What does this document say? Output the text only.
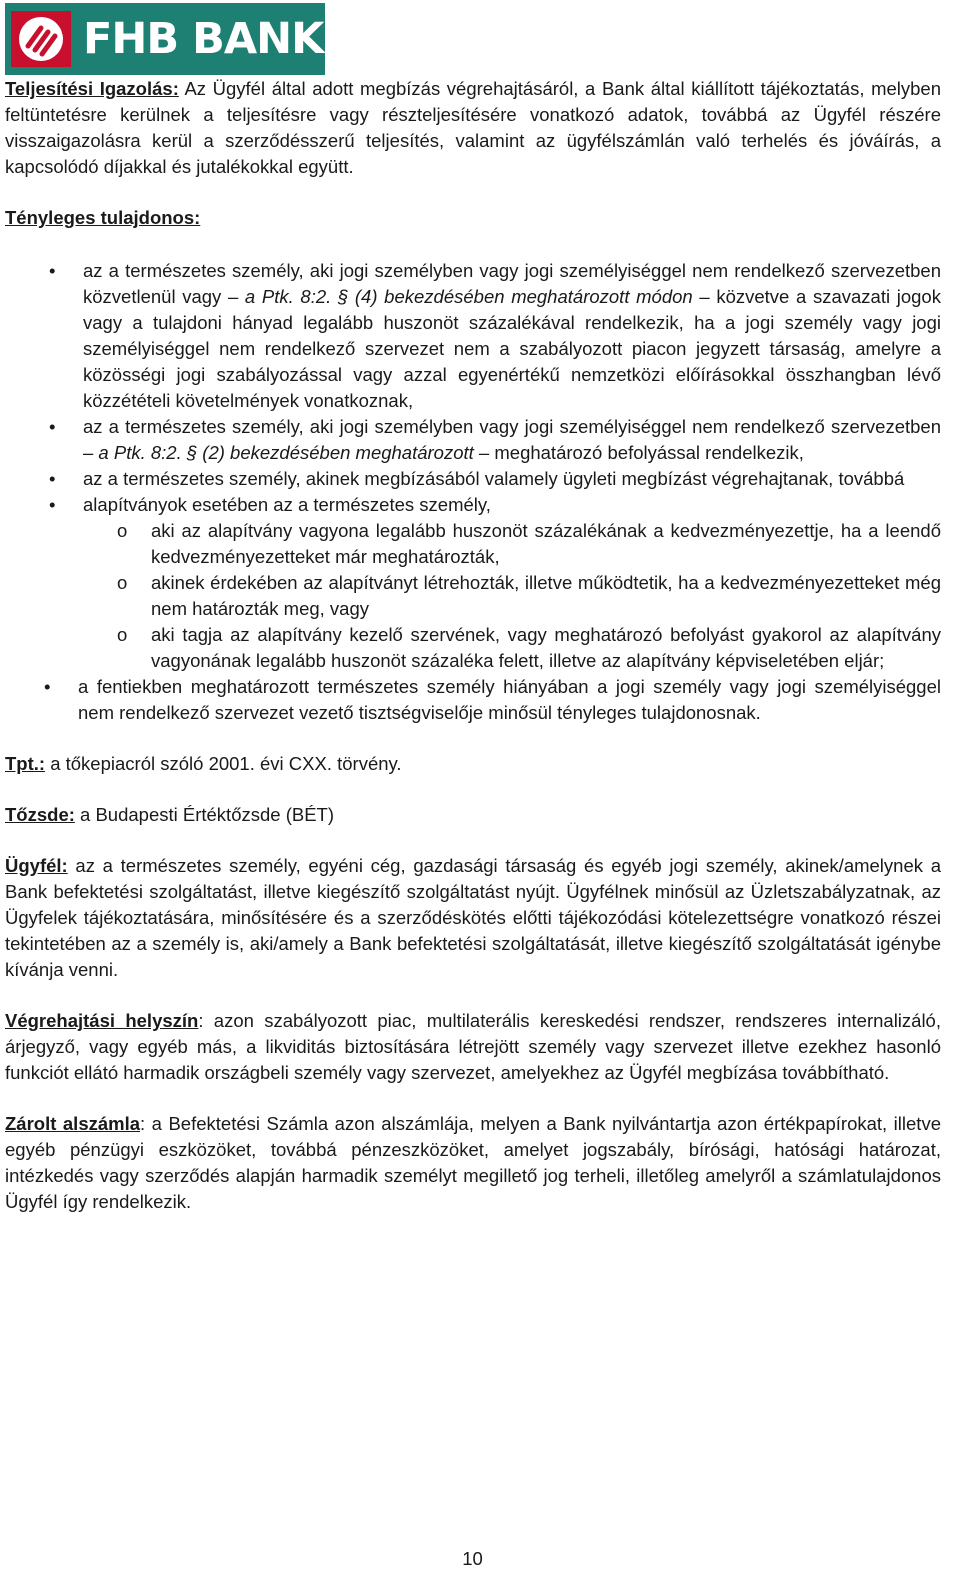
FHB BANK

Teljesítési Igazolás: Az Ügyfél által adott megbízás végrehajtásáról, a Bank által kiállított tájékoztatás, melyben feltüntetésre kerülnek a teljesítésre vagy részteljesítésére vonatkozó adatok, továbbá az Ügyfél részére visszaigazolásra kerül a szerződésszerű teljesítés, valamint az ügyfélszámlán való terhelés és jóváírás, a kapcsolódó díjakkal és jutalékokkal együtt.

Tényleges tulajdonos:

• az a természetes személy, aki jogi személyben vagy jogi személyiséggel nem rendelkező szervezetben közvetlenül vagy – a Ptk. 8:2. § (4) bekezdésében meghatározott módon – közvetve a szavazati jogok vagy a tulajdoni hányad legalább huszonöt százalékával rendelkezik, ha a jogi személy vagy jogi személyiséggel nem rendelkező szervezet nem a szabályozott piacon jegyzett társaság, amelyre a közösségi jogi szabályozással vagy azzal egyenértékű nemzetközi előírásokkal összhangban lévő közzétételi követelmények vonatkoznak,
• az a természetes személy, aki jogi személyben vagy jogi személyiséggel nem rendelkező szervezetben – a Ptk. 8:2. § (2) bekezdésében meghatározott – meghatározó befolyással rendelkezik,
• az a természetes személy, akinek megbízásából valamely ügyleti megbízást végrehajtanak, továbbá
• alapítványok esetében az a természetes személy,
o aki az alapítvány vagyona legalább huszonöt százalékának a kedvezményezettje, ha a leendő kedvezményezetteket már meghatározták,
o akinek érdekében az alapítványt létrehozták, illetve működtetik, ha a kedvezményezetteket még nem határozták meg, vagy
o aki tagja az alapítvány kezelő szervének, vagy meghatározó befolyást gyakorol az alapítvány vagyonának legalább huszonöt százaléka felett, illetve az alapítvány képviseletében eljár;
• a fentiekben meghatározott természetes személy hiányában a jogi személy vagy jogi személyiséggel nem rendelkező szervezet vezető tisztségviselője minősül tényleges tulajdonosnak.

Tpt.: a tőkepiacról szóló 2001. évi CXX. törvény.

Tőzsde: a Budapesti Értéktőzsde (BÉT)

Ügyfél: az a természetes személy, egyéni cég, gazdasági társaság és egyéb jogi személy, akinek/amelynek a Bank befektetési szolgáltatást, illetve kiegészítő szolgáltatást nyújt. Ügyfélnek minősül az Üzletszabályzatnak, az Ügyfelek tájékoztatására, minősítésére és a szerződéskötés előtti tájékozódási kötelezettségre vonatkozó részei tekintetében az a személy is, aki/amely a Bank befektetési szolgáltatását, illetve kiegészítő szolgáltatását igénybe kívánja venni.

Végrehajtási helyszín: azon szabályozott piac, multilaterális kereskedési rendszer, rendszeres internalizáló, árjegyző, vagy egyéb más, a likviditás biztosítására létrejött személy vagy szervezet illetve ezekhez hasonló funkciót ellátó harmadik országbeli személy vagy szervezet, amelyekhez az Ügyfél megbízása továbbítható.

Zárolt alszámla: a Befektetési Számla azon alszámlája, melyen a Bank nyilvántartja azon értékpapírokat, illetve egyéb pénzügyi eszközöket, továbbá pénzeszközöket, amelyet jogszabály, bírósági, hatósági határozat, intézkedés vagy szerződés alapján harmadik személyt megillető jog terheli, illetőleg amelyről a számlatulajdonos Ügyfél így rendelkezik.

10
